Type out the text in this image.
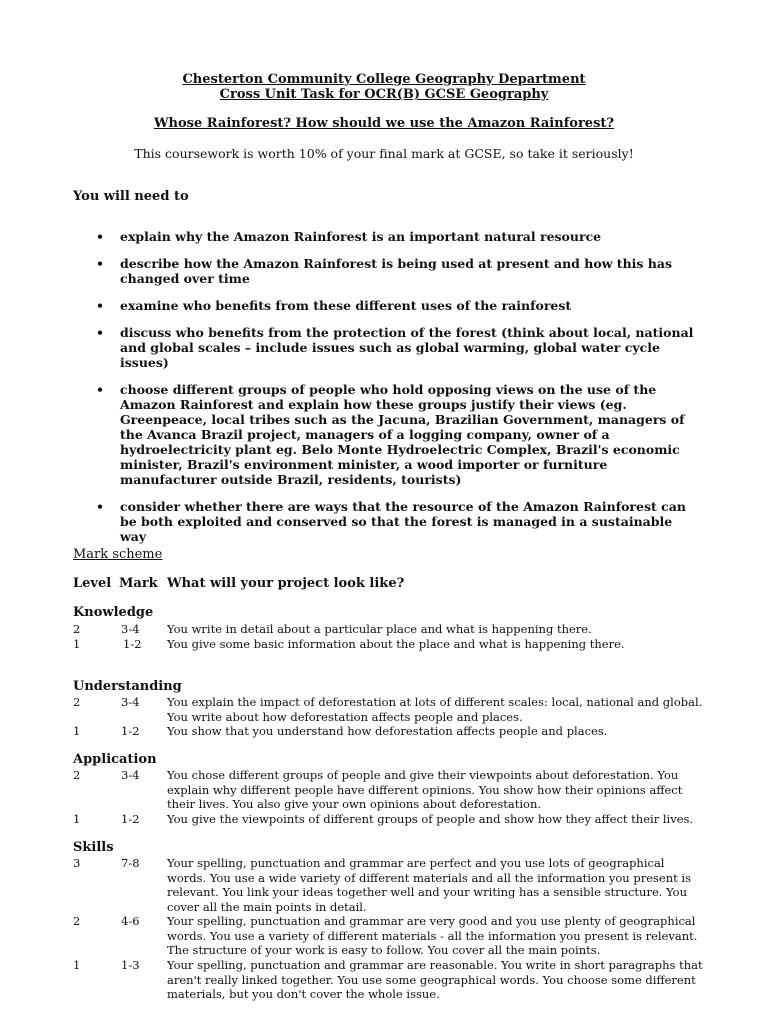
Chesterton Community College Geography Department
Cross Unit Task for OCR(B) GCSE Geography
Whose Rainforest? How should we use the Amazon Rainforest?
This coursework is worth 10% of your final mark at GCSE, so take it seriously!
You will need to
• explain why the Amazon Rainforest is an important natural resource
• describe how the Amazon Rainforest is being used at present and how this has changed over time
• examine who benefits from these different uses of the rainforest
• discuss who benefits from the protection of the forest (think about local, national and global scales – include issues such as global warming, global water cycle issues)
• choose different groups of people who hold opposing views on the use of the Amazon Rainforest and explain how these groups justify their views (eg. Greenpeace, local tribes such as the Jacuna, Brazilian Government, managers of the Avanca Brazil project, managers of a logging company, owner of a hydroelectricity plant eg. Belo Monte Hydroelectric Complex, Brazil's economic minister, Brazil's environment minister, a wood importer or furniture manufacturer outside Brazil, residents, tourists)
• consider whether there are ways that the resource of the Amazon Rainforest can be both exploited and conserved so that the forest is managed in a sustainable way
Mark scheme
Level Mark What will your project look like?
Knowledge
2	3-4 You write in detail about a particular place and what is happening there.
1	1-2 You give some basic information about the place and what is happening there.
Understanding
2	3-4 You explain the impact of deforestation at lots of different scales: local, national and global. You write about how deforestation affects people and places.
1	1-2 You show that you understand how deforestation affects people and places.
Application
2	3-4 You chose different groups of people and give their viewpoints about deforestation. You explain why different people have different opinions. You show how their opinions affect their lives. You also give your own opinions about deforestation.
1	1-2 You give the viewpoints of different groups of people and show how they affect their lives.
Skills
3	7-8 Your spelling, punctuation and grammar are perfect and you use lots of geographical words. You use a wide variety of different materials and all the information you present is relevant. You link your ideas together well and your writing has a sensible structure. You cover all the main points in detail.
2	4-6 Your spelling, punctuation and grammar are very good and you use plenty of geographical words. You use a variety of different materials - all the information you present is relevant. The structure of your work is easy to follow. You cover all the main points.
1	1-3 Your spelling, punctuation and grammar are reasonable. You write in short paragraphs that aren't really linked together. You use some geographical words. You choose some different materials, but you don't cover the whole issue.
